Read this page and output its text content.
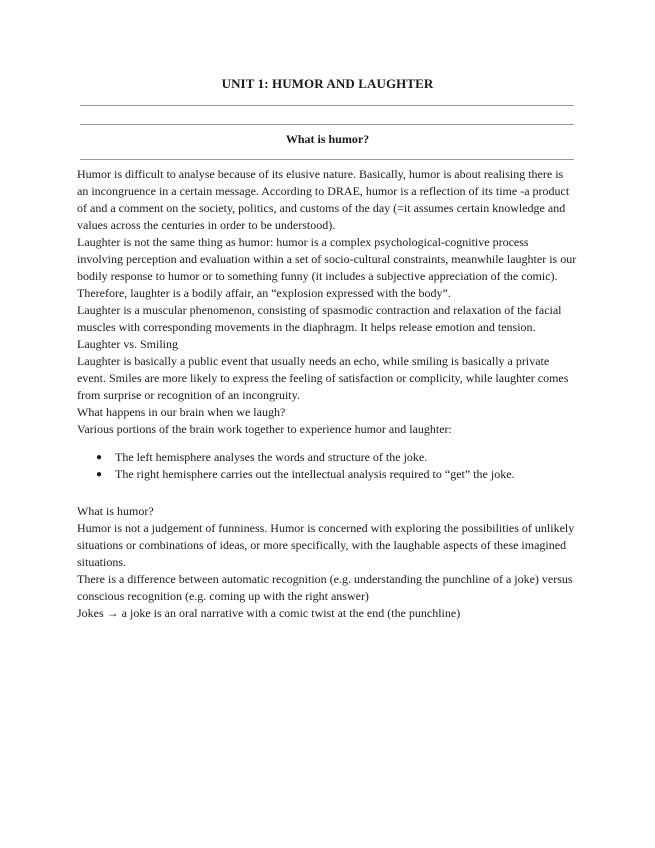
UNIT 1: HUMOR AND LAUGHTER
What is humor?

Humor is difficult to analyse because of its elusive nature. Basically, humor is about realising there is an incongruence in a certain message. According to DRAE, humor is a reflection of its time -a product of and a comment on the society, politics, and customs of the day (=it assumes certain knowledge and values across the centuries in order to be understood).

Laughter is not the same thing as humor: humor is a complex psychological-cognitive process involving perception and evaluation within a set of socio-cultural constraints, meanwhile laughter is our bodily response to humor or to something funny (it includes a subjective appreciation of the comic). Therefore, laughter is a bodily affair, an “explosion expressed with the body”.

Laughter is a muscular phenomenon, consisting of spasmodic contraction and relaxation of the facial muscles with corresponding movements in the diaphragm. It helps release emotion and tension.

Laughter vs. Smiling

Laughter is basically a public event that usually needs an echo, while smiling is basically a private event. Smiles are more likely to express the feeling of satisfaction or complicity, while laughter comes from surprise or recognition of an incongruity.

What happens in our brain when we laugh?

Various portions of the brain work together to experience humor and laughter:

● The left hemisphere analyses the words and structure of the joke.
● The right hemisphere carries out the intellectual analysis required to “get” the joke.

What is humor?

Humor is not a judgement of funniness. Humor is concerned with exploring the possibilities of unlikely situations or combinations of ideas, or more specifically, with the laughable aspects of these imagined situations.

There is a difference between automatic recognition (e.g. understanding the punchline of a joke) versus conscious recognition (e.g. coming up with the right answer)

Jokes → a joke is an oral narrative with a comic twist at the end (the punchline)
